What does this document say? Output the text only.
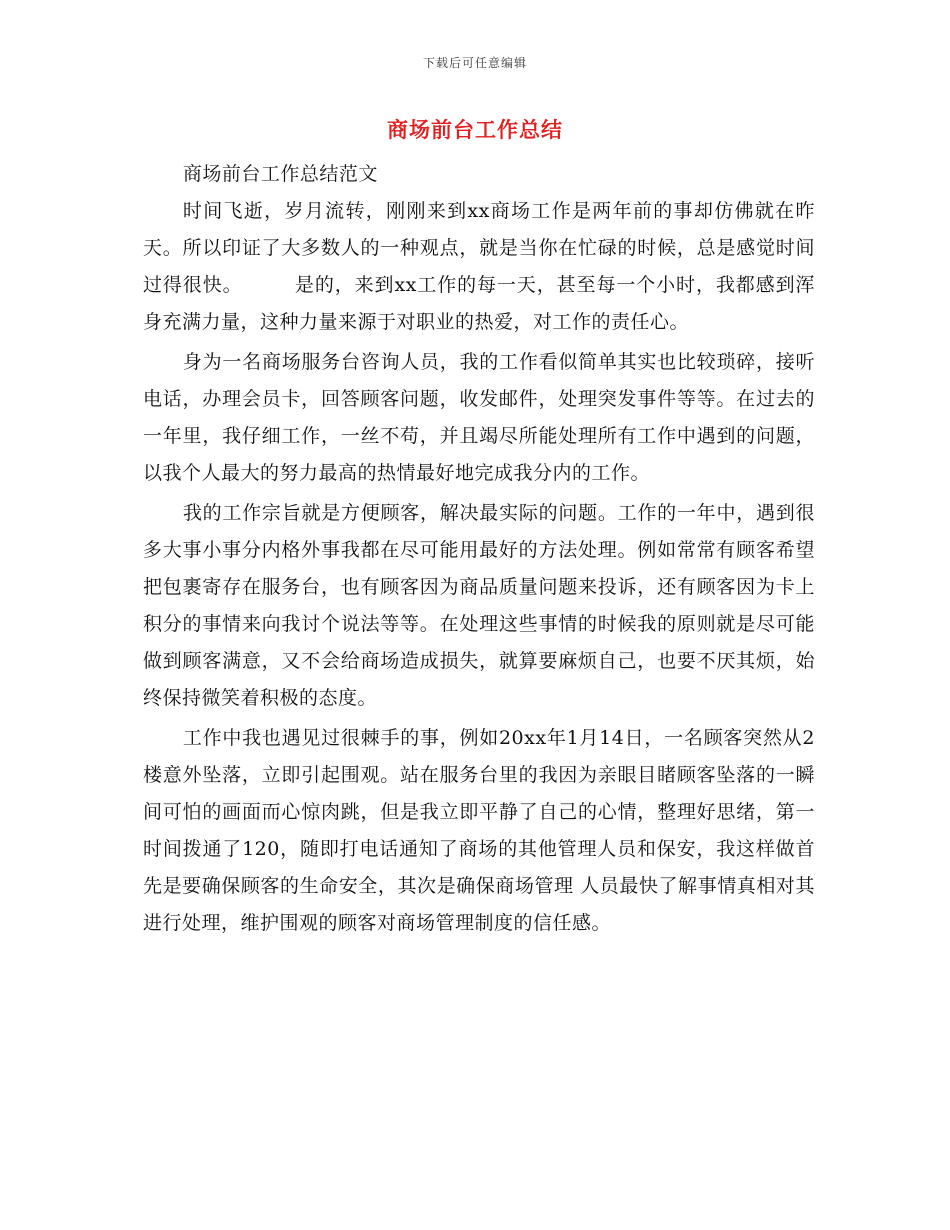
下载后可任意编辑
商场前台工作总结

商场前台工作总结范文

时间飞逝，岁月流转，刚刚来到xx商场工作是两年前的事却仿佛就在昨天。所以印证了大多数人的一种观点，就是当你在忙碌的时候，总是感觉时间过得很快。	是的，来到xx工作的每一天，甚至每一个小时，我都感到浑身充满力量，这种力量来源于对职业的热爱，对工作的责任心。

身为一名商场服务台咨询人员，我的工作看似简单其实也比较琐碎，接听电话，办理会员卡，回答顾客问题，收发邮件，处理突发事件等等。在过去的一年里，我仔细工作，一丝不苟，并且竭尽所能处理所有工作中遇到的问题，以我个人最大的努力最高的热情最好地完成我分内的工作。

我的工作宗旨就是方便顾客，解决最实际的问题。工作的一年中，遇到很多大事小事分内格外事我都在尽可能用最好的方法处理。例如常常有顾客希望把包裹寄存在服务台，也有顾客因为商品质量问题来投诉，还有顾客因为卡上积分的事情来向我讨个说法等等。在处理这些事情的时候我的原则就是尽可能做到顾客满意，又不会给商场造成损失，就算要麻烦自己，也要不厌其烦，始终保持微笑着积极的态度。

工作中我也遇见过很棘手的事，例如20xx年1月14日，一名顾客突然从2楼意外坠落，立即引起围观。站在服务台里的我因为亲眼目睹顾客坠落的一瞬间可怕的画面而心惊肉跳，但是我立即平静了自己的心情，整理好思绪，第一时间拨通了120，随即打电话通知了商场的其他管理人员和保安，我这样做首先是要确保顾客的生命安全，其次是确保商场管理 人员最快了解事情真相对其进行处理，维护围观的顾客对商场管理制度的信任感。
